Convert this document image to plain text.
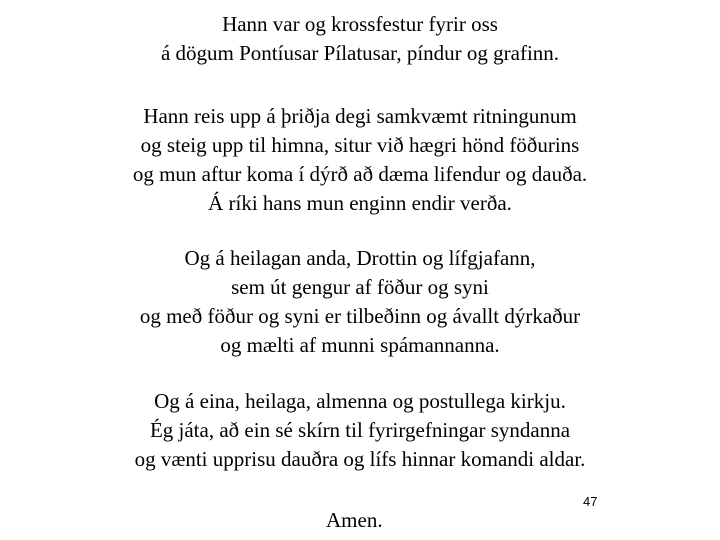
Hann var og krossfestur fyrir oss
á dögum Pontíusar Pílatusar, píndur og grafinn.
Hann reis upp á þriðja degi samkvæmt ritningunum
og steig upp til himna, situr við hægri hönd föðurins
og mun aftur koma í dýrð að dæma lifendur og dauða.
Á ríki hans mun enginn endir verða.
Og á heilagan anda, Drottin og lífgjafann,
sem út gengur af föður og syni
og með föður og syni er tilbeðinn og ávallt dýrkaður
og mælti af munni spámannanna.
Og á eina, heilaga, almenna og postullega kirkju.
Ég játa, að ein sé skírn til fyrirgefningar syndanna
og vænti upprisu dauðra og lífs hinnar komandi aldar.
Amen.
47
